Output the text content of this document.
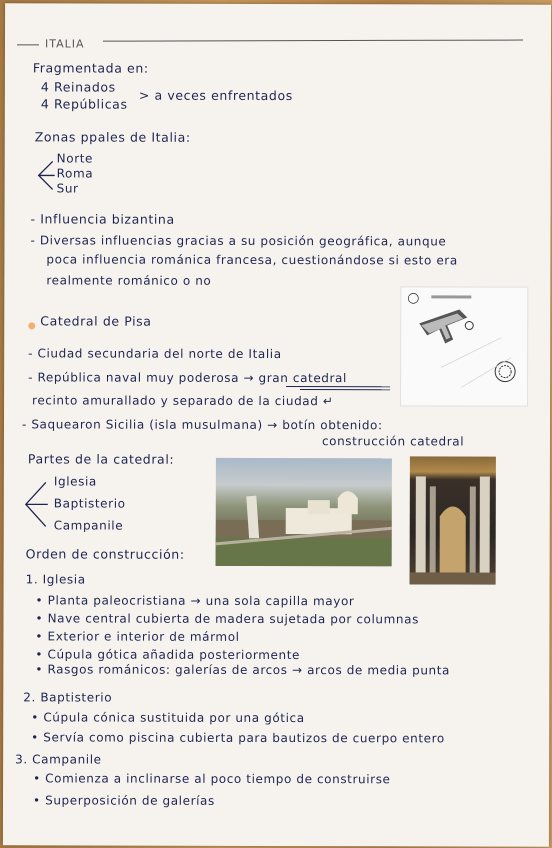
ITALIA
Fragmentada en:
4 Reinados
4 Repúblicas
> a veces enfrentados
Zonas ppales de Italia:
Norte
Roma
Sur
- Influencia bizantina
- Diversas influencias gracias a su posición geográfica, aunque
poca influencia románica francesa, cuestionándose si esto era
realmente románico o no
Catedral de Pisa
- Ciudad secundaria del norte de Italia
- República naval muy poderosa → gran catedral
recinto amurallado y separado de la ciudad ↵
- Saquearon Sicilia (isla musulmana) → botín obtenido:
construcción catedral
Partes de la catedral:
Iglesia
Baptisterio
Campanile
Orden de construcción:
1. Iglesia
• Planta paleocristiana → una sola capilla mayor
• Nave central cubierta de madera sujetada por columnas
• Exterior e interior de mármol
• Cúpula gótica añadida posteriormente
• Rasgos románicos: galerías de arcos → arcos de media punta
2. Baptisterio
• Cúpula cónica sustituida por una gótica
• Servía como piscina cubierta para bautizos de cuerpo entero
3. Campanile
• Comienza a inclinarse al poco tiempo de construirse
• Superposición de galerías
